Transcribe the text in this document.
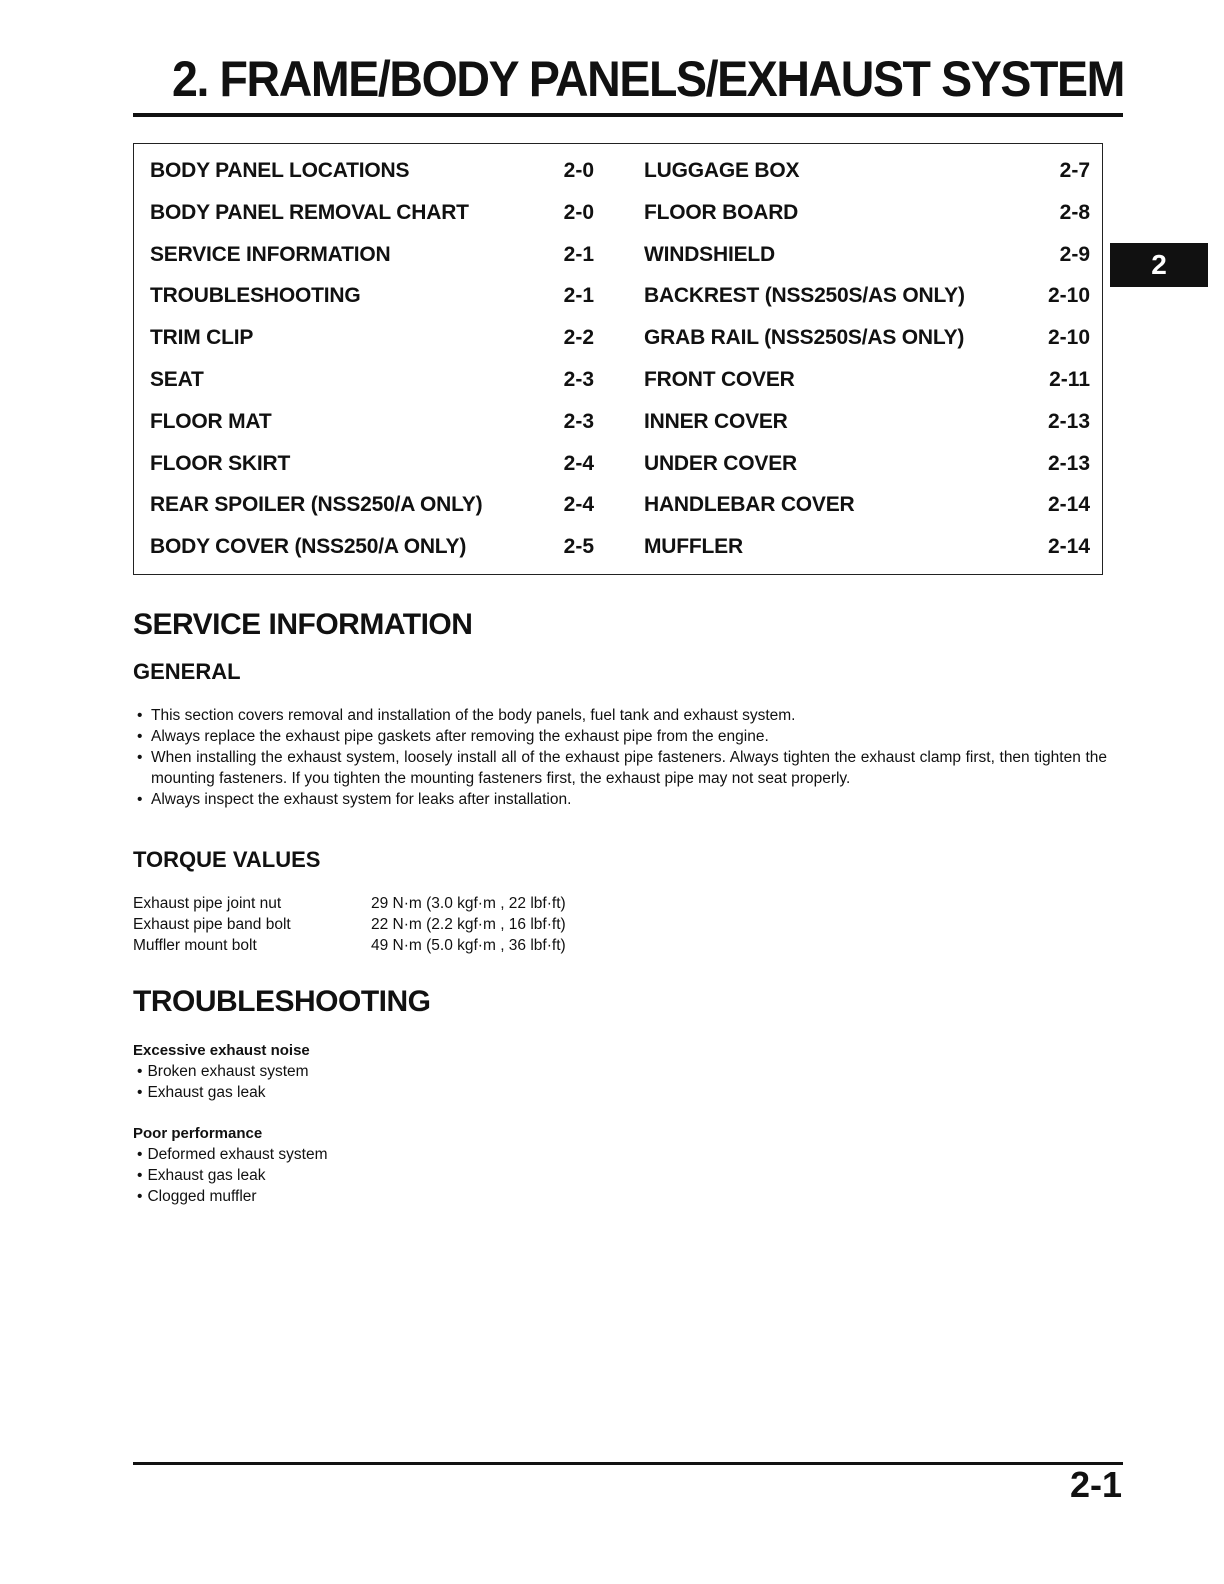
2. FRAME/BODY PANELS/EXHAUST SYSTEM
BODY PANEL LOCATIONS	2-0
BODY PANEL REMOVAL CHART	2-0
SERVICE INFORMATION	2-1
TROUBLESHOOTING	2-1
TRIM CLIP	2-2
SEAT	2-3
FLOOR MAT	2-3
FLOOR SKIRT	2-4
REAR SPOILER (NSS250/A ONLY)	2-4
BODY COVER (NSS250/A ONLY)	2-5
LUGGAGE BOX	2-7
FLOOR BOARD	2-8
WINDSHIELD	2-9
BACKREST (NSS250S/AS ONLY)	2-10
GRAB RAIL (NSS250S/AS ONLY)	2-10
FRONT COVER	2-11
INNER COVER	2-13
UNDER COVER	2-13
HANDLEBAR COVER	2-14
MUFFLER	2-14
2
SERVICE INFORMATION
GENERAL
• This section covers removal and installation of the body panels, fuel tank and exhaust system.
• Always replace the exhaust pipe gaskets after removing the exhaust pipe from the engine.
• When installing the exhaust system, loosely install all of the exhaust pipe fasteners. Always tighten the exhaust clamp first, then tighten the mounting fasteners. If you tighten the mounting fasteners first, the exhaust pipe may not seat properly.
• Always inspect the exhaust system for leaks after installation.
TORQUE VALUES
Exhaust pipe joint nut	29 N·m (3.0 kgf·m , 22 lbf·ft)
Exhaust pipe band bolt	22 N·m (2.2 kgf·m , 16 lbf·ft)
Muffler mount bolt	49 N·m (5.0 kgf·m , 36 lbf·ft)
TROUBLESHOOTING
Excessive exhaust noise
• Broken exhaust system
• Exhaust gas leak
Poor performance
• Deformed exhaust system
• Exhaust gas leak
• Clogged muffler
2-1
